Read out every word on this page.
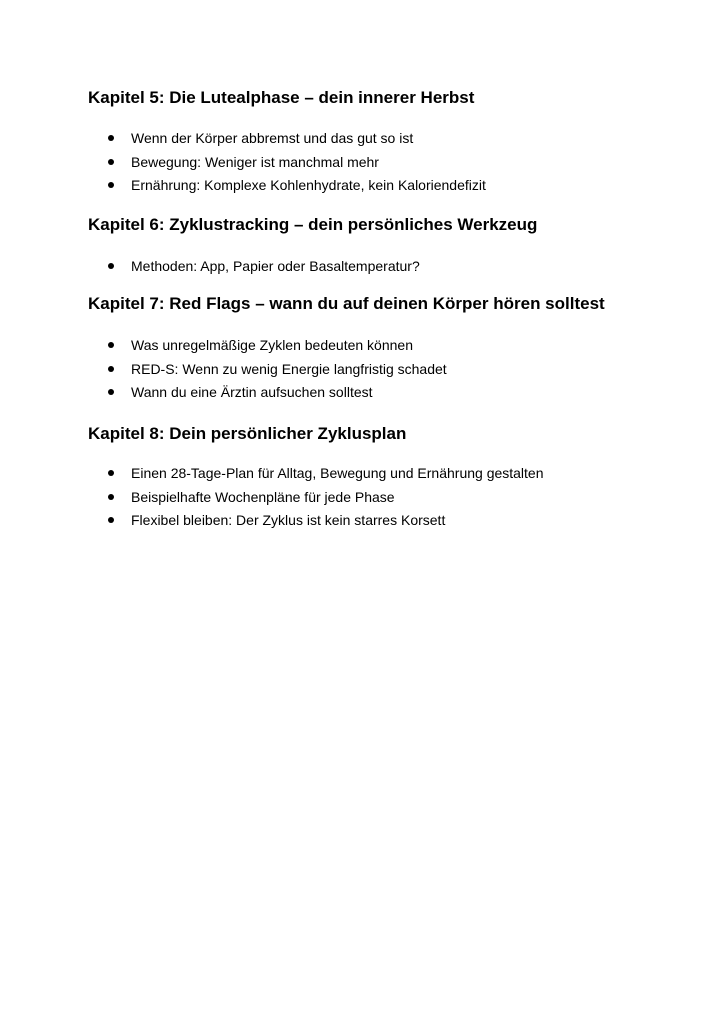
Kapitel 5: Die Lutealphase – dein innerer Herbst
Wenn der Körper abbremst und das gut so ist
Bewegung: Weniger ist manchmal mehr
Ernährung: Komplexe Kohlenhydrate, kein Kaloriendefizit
Kapitel 6: Zyklustracking – dein persönliches Werkzeug
Methoden: App, Papier oder Basaltemperatur?
Kapitel 7: Red Flags – wann du auf deinen Körper hören solltest
Was unregelmäßige Zyklen bedeuten können
RED-S: Wenn zu wenig Energie langfristig schadet
Wann du eine Ärztin aufsuchen solltest
Kapitel 8: Dein persönlicher Zyklusplan
Einen 28-Tage-Plan für Alltag, Bewegung und Ernährung gestalten
Beispielhafte Wochenpläne für jede Phase
Flexibel bleiben: Der Zyklus ist kein starres Korsett
